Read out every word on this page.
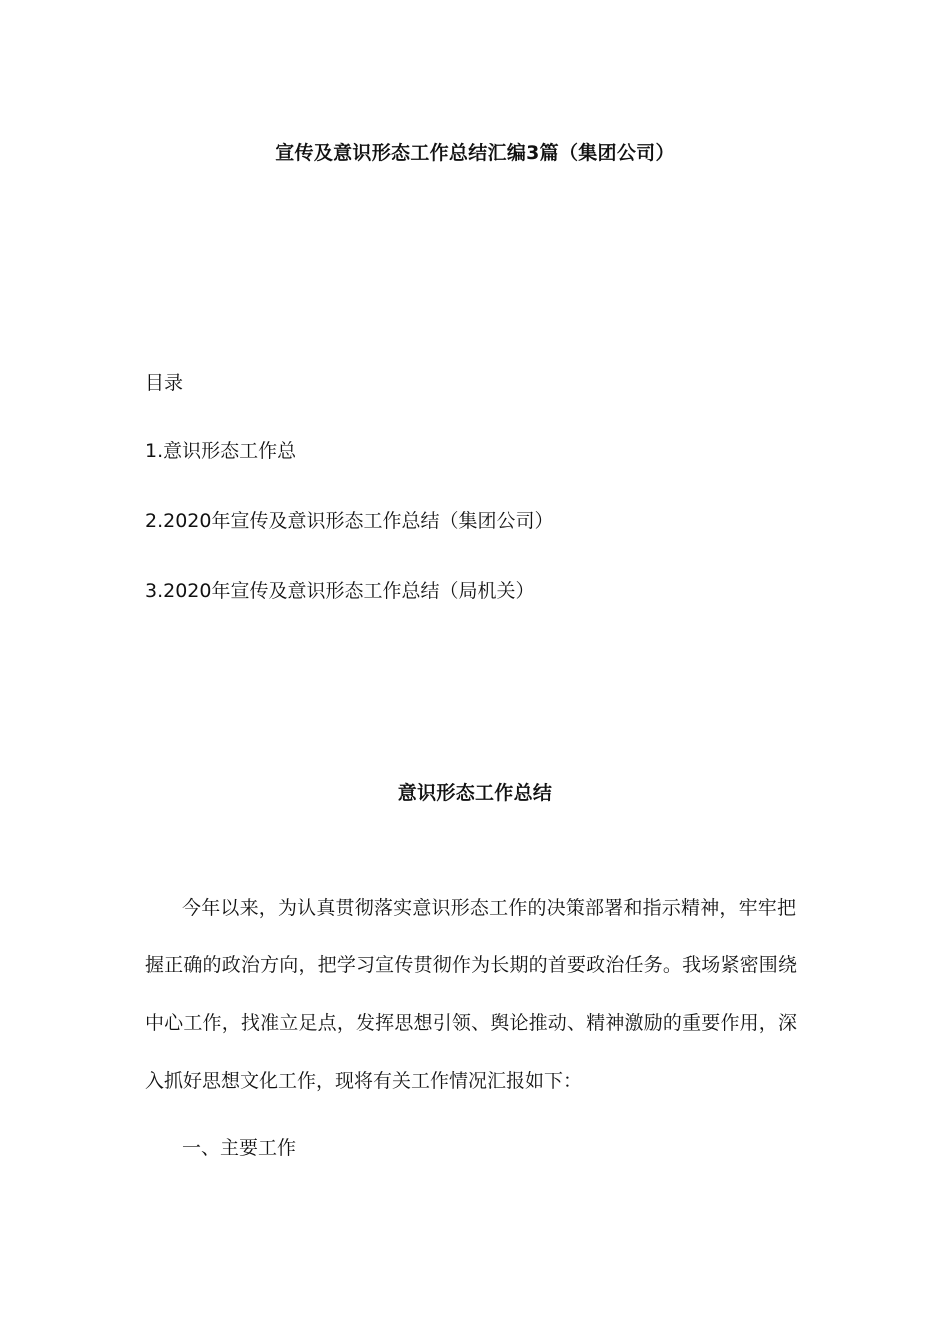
宣传及意识形态工作总结汇编3篇（集团公司）
目录
1.意识形态工作总
2.2020年宣传及意识形态工作总结（集团公司）
3.2020年宣传及意识形态工作总结（局机关）
意识形态工作总结
今年以来，为认真贯彻落实意识形态工作的决策部署和指示精神，牢牢把
握正确的政治方向，把学习宣传贯彻作为长期的首要政治任务。我场紧密围绕
中心工作，找准立足点，发挥思想引领、舆论推动、精神激励的重要作用，深
入抓好思想文化工作，现将有关工作情况汇报如下：
一、主要工作
